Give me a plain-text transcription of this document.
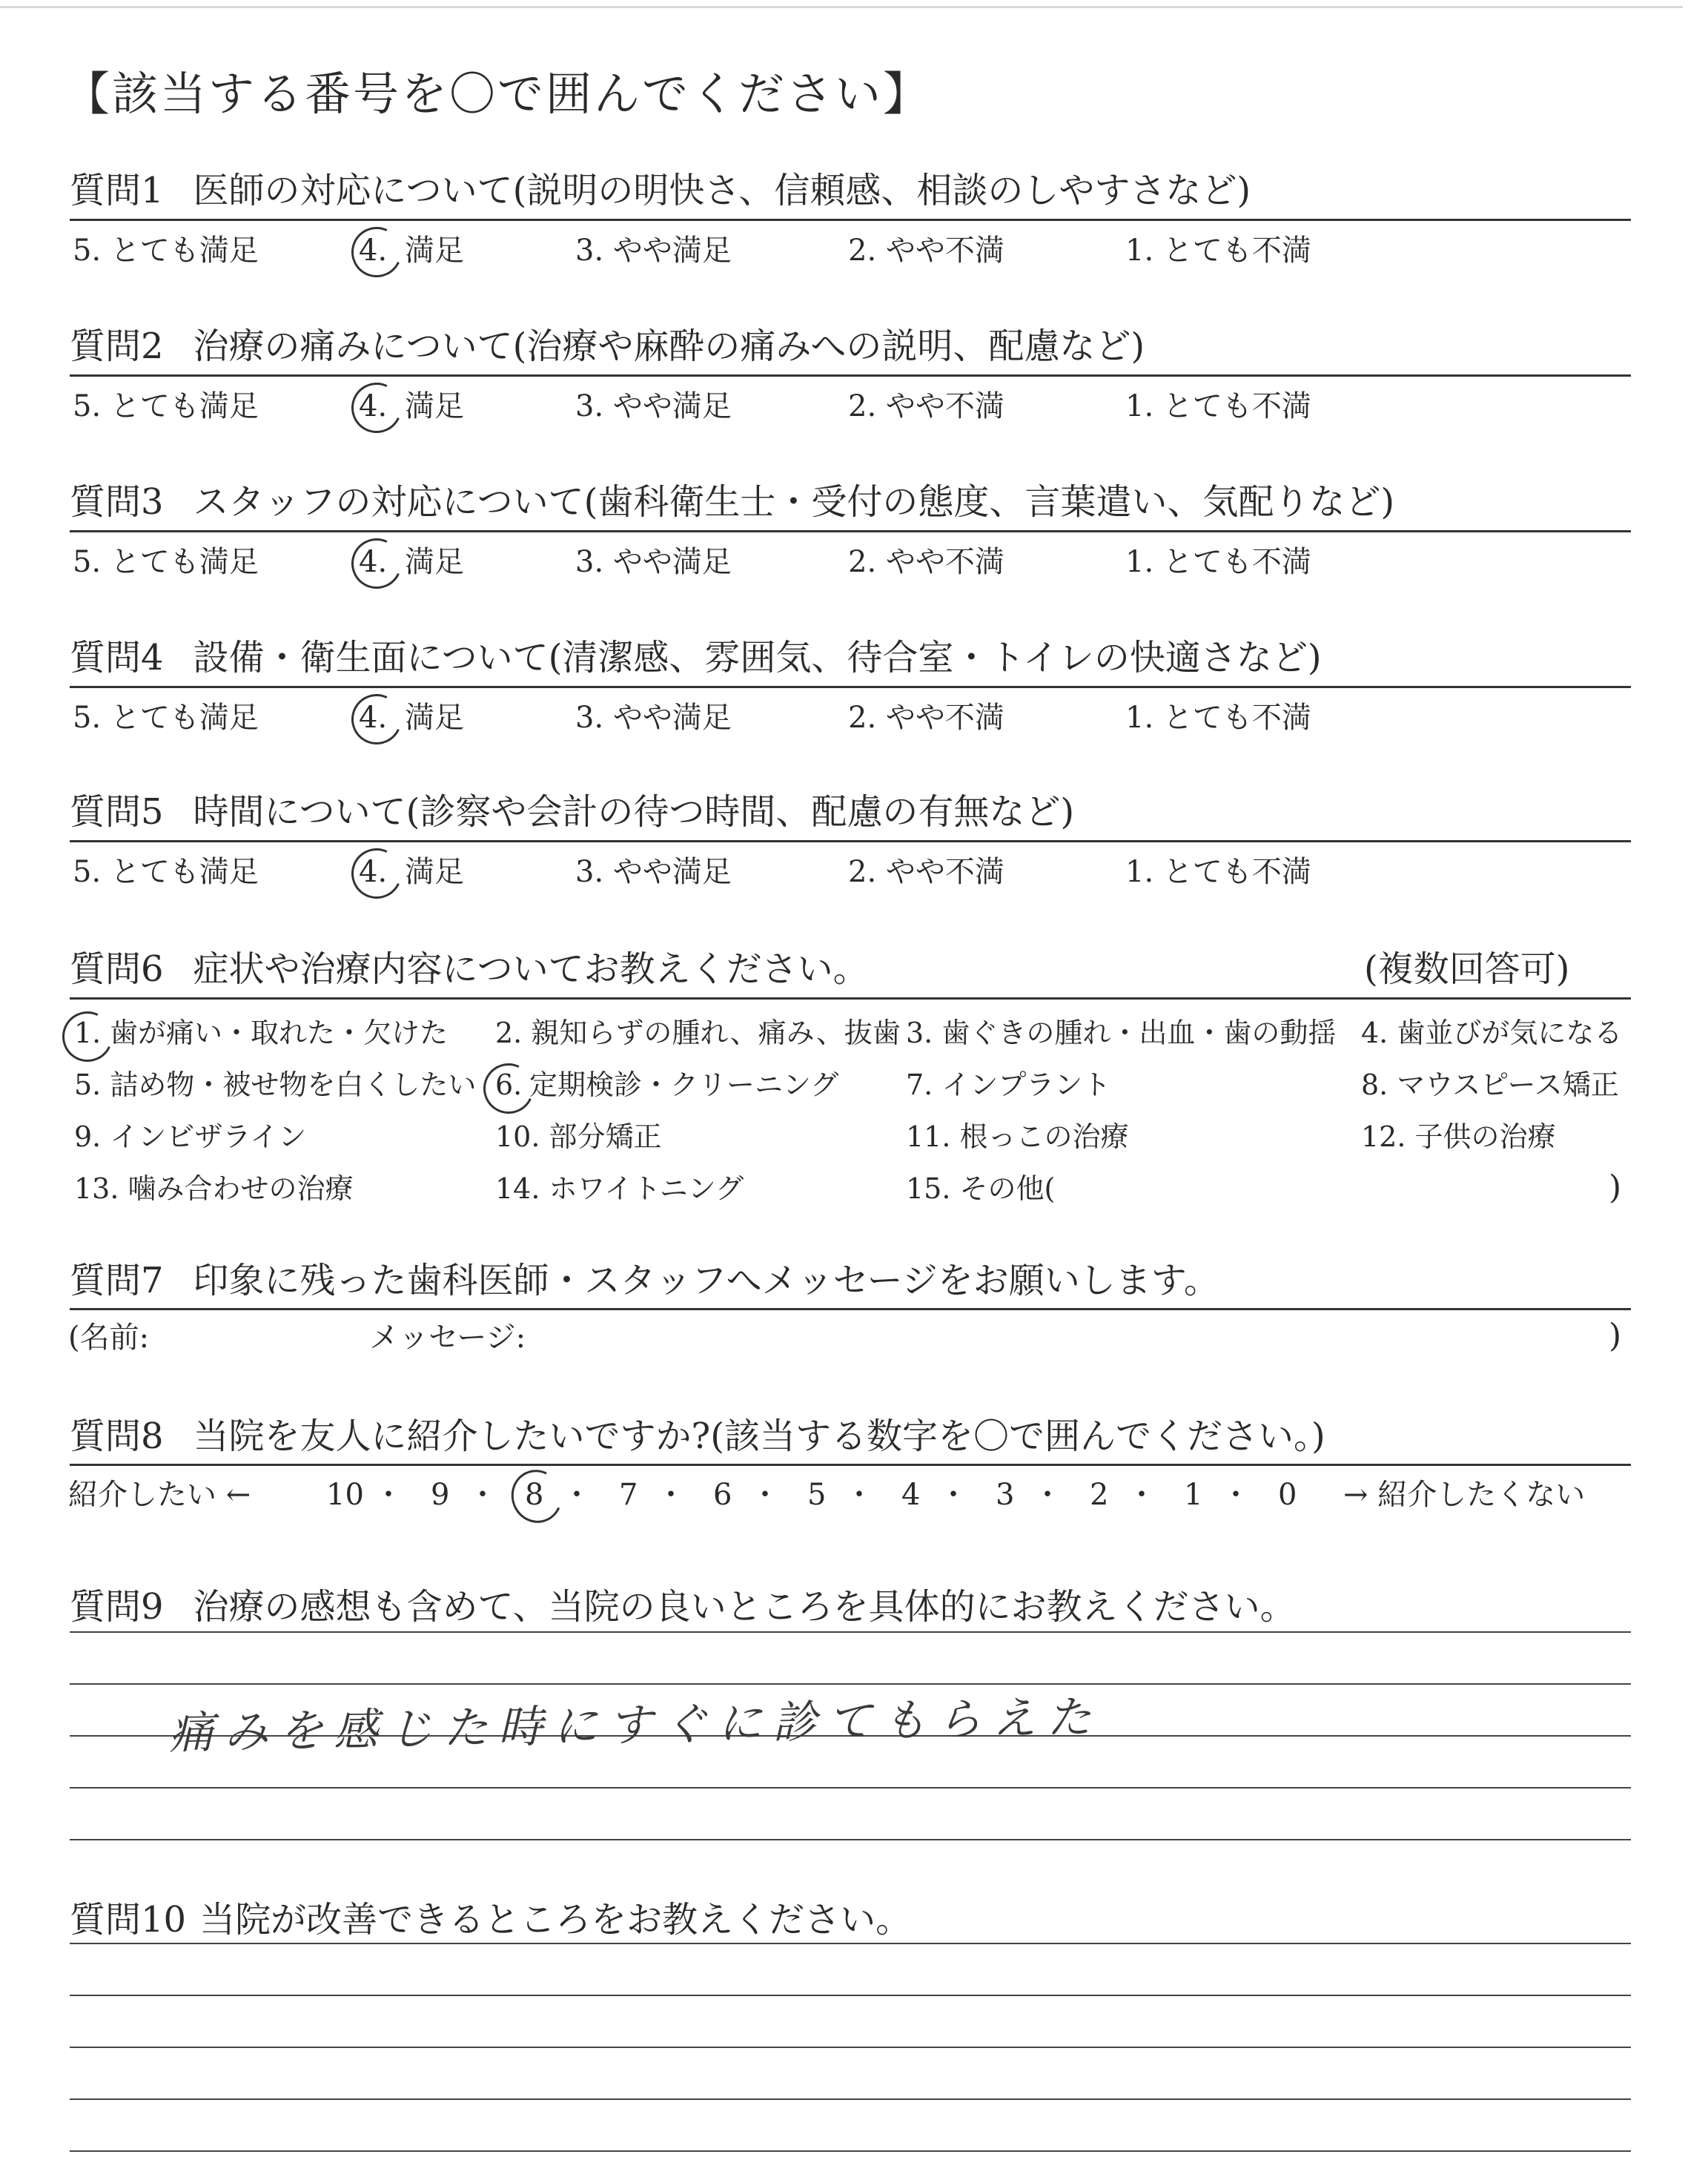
【該当する番号を〇で囲んでください】
質問1 医師の対応について(説明の明快さ、信頼感、相談のしやすさなど)
5. とても満足	4. 満足	3. やや満足	2. やや不満	1. とても不満
質問2 治療の痛みについて(治療や麻酔の痛みへの説明、配慮など)
5. とても満足	4. 満足	3. やや満足	2. やや不満	1. とても不満
質問3 スタッフの対応について(歯科衛生士・受付の態度、言葉遣い、気配りなど)
5. とても満足	4. 満足	3. やや満足	2. やや不満	1. とても不満
質問4 設備・衛生面について(清潔感、雰囲気、待合室・トイレの快適さなど)
5. とても満足	4. 満足	3. やや満足	2. やや不満	1. とても不満
質問5 時間について(診察や会計の待つ時間、配慮の有無など)
5. とても満足	4. 満足	3. やや満足	2. やや不満	1. とても不満
質問6 症状や治療内容についてお教えください。	(複数回答可)
1. 歯が痛い・取れた・欠けた 2. 親知らずの腫れ、痛み、抜歯 3. 歯ぐきの腫れ・出血・歯の動揺 4. 歯並びが気になる
5. 詰め物・被せ物を白くしたい 6. 定期検診・クリーニング 7. インプラント	8. マウスピース矯正
9. インビザライン	10. 部分矯正	11. 根っこの治療	12. 子供の治療
13. 噛み合わせの治療	14. ホワイトニング	15. その他(	)
質問7 印象に残った歯科医師・スタッフへメッセージをお願いします。
(名前:	メッセージ:	)
質問8 当院を友人に紹介したいですか?(該当する数字を〇で囲んでください。)
紹介したい ←	→ 紹介したくない
10 ・ 9 ・ 8 ・ 7 ・ 6 ・ 5 ・ 4 ・ 3 ・ 2 ・ 1 ・ 0
質問9 治療の感想も含めて、当院の良いところを具体的にお教えください。
痛みを感じた時にすぐに診てもらえた
質問10 当院が改善できるところをお教えください。
